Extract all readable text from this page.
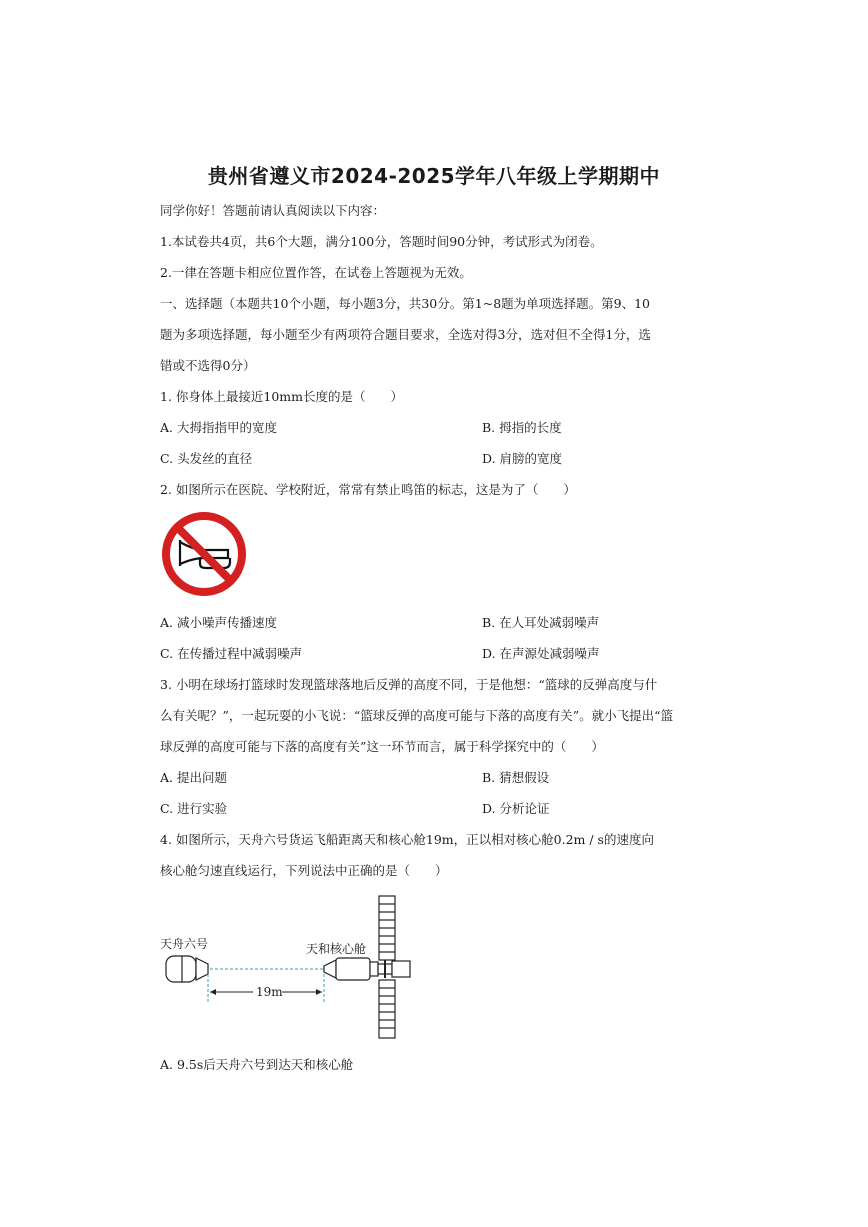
贵州省遵义市2024-2025学年八年级上学期期中
同学你好！答题前请认真阅读以下内容：
1.本试卷共4页，共6个大题，满分100分，答题时间90分钟，考试形式为闭卷。
2.一律在答题卡相应位置作答，在试卷上答题视为无效。
一、选择题（本题共10个小题，每小题3分，共30分。第1~8题为单项选择题。第9、10
题为多项选择题，每小题至少有两项符合题目要求，全选对得3分，选对但不全得1分，选
错或不选得0分）
1. 你身体上最接近10mm长度的是（　　）
A. 大拇指指甲的宽度	B. 拇指的长度
C. 头发丝的直径	D. 肩膀的宽度
2. 如图所示在医院、学校附近，常常有禁止鸣笛的标志，这是为了（　　）
A. 减小噪声传播速度	B. 在人耳处减弱噪声
C. 在传播过程中减弱噪声	D. 在声源处减弱噪声
3. 小明在球场打篮球时发现篮球落地后反弹的高度不同，于是他想：“篮球的反弹高度与什
么有关呢？”，一起玩耍的小飞说：“篮球反弹的高度可能与下落的高度有关”。就小飞提出“篮
球反弹的高度可能与下落的高度有关”这一环节而言，属于科学探究中的（　　）
A. 提出问题	B. 猜想假设
C. 进行实验	D. 分析论证
4. 如图所示，天舟六号货运飞船距离天和核心舱19m，正以相对核心舱0.2m / s的速度向
核心舱匀速直线运行，下列说法中正确的是（　　）
天舟六号	天和核心舱
19m
A. 9.5s后天舟六号到达天和核心舱
